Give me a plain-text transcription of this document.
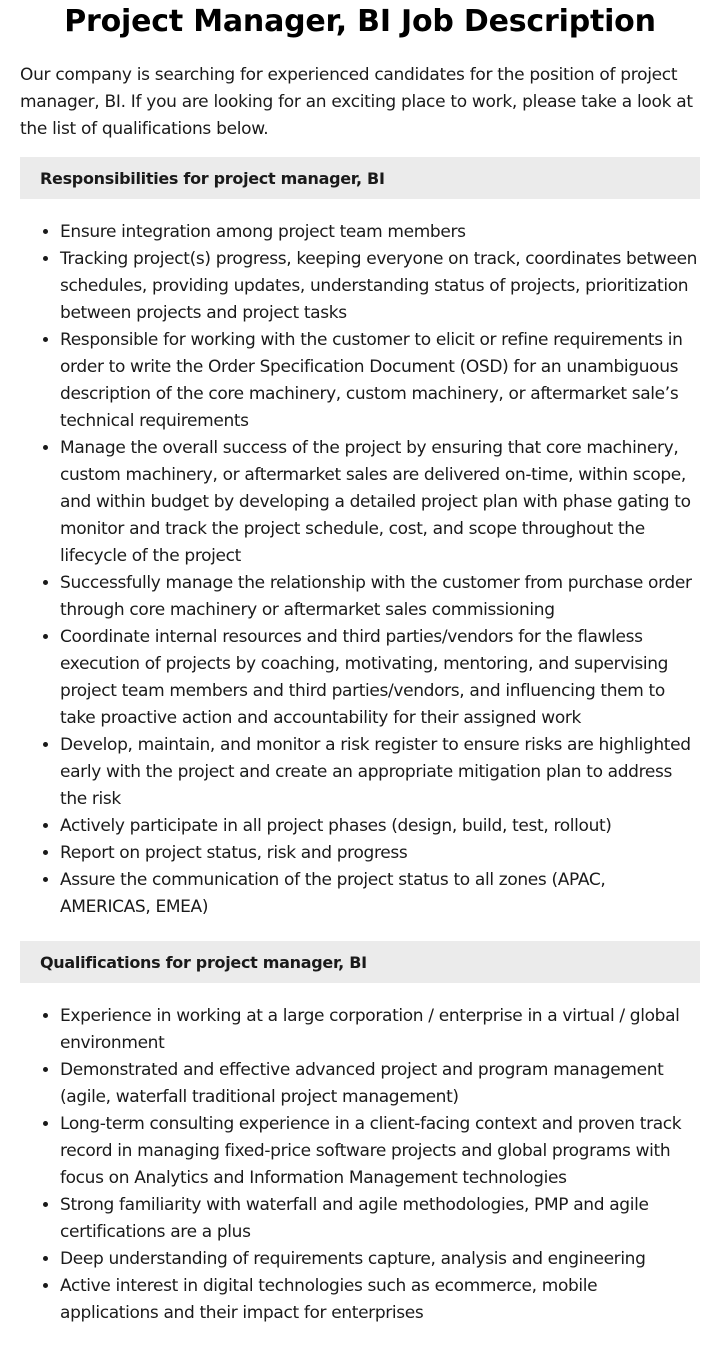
Project Manager, BI Job Description

Our company is searching for experienced candidates for the position of project manager, BI. If you are looking for an exciting place to work, please take a look at the list of qualifications below.

Responsibilities for project manager, BI
• Ensure integration among project team members
• Tracking project(s) progress, keeping everyone on track, coordinates between schedules, providing updates, understanding status of projects, prioritization between projects and project tasks
• Responsible for working with the customer to elicit or refine requirements in order to write the Order Specification Document (OSD) for an unambiguous description of the core machinery, custom machinery, or aftermarket sale’s technical requirements
• Manage the overall success of the project by ensuring that core machinery, custom machinery, or aftermarket sales are delivered on-time, within scope, and within budget by developing a detailed project plan with phase gating to monitor and track the project schedule, cost, and scope throughout the lifecycle of the project
• Successfully manage the relationship with the customer from purchase order through core machinery or aftermarket sales commissioning
• Coordinate internal resources and third parties/vendors for the flawless execution of projects by coaching, motivating, mentoring, and supervising project team members and third parties/vendors, and influencing them to take proactive action and accountability for their assigned work
• Develop, maintain, and monitor a risk register to ensure risks are highlighted early with the project and create an appropriate mitigation plan to address the risk
• Actively participate in all project phases (design, build, test, rollout)
• Report on project status, risk and progress
• Assure the communication of the project status to all zones (APAC, AMERICAS, EMEA)
Qualifications for project manager, BI
• Experience in working at a large corporation / enterprise in a virtual / global environment
• Demonstrated and effective advanced project and program management (agile, waterfall traditional project management)
• Long-term consulting experience in a client-facing context and proven track record in managing fixed-price software projects and global programs with focus on Analytics and Information Management technologies
• Strong familiarity with waterfall and agile methodologies, PMP and agile certifications are a plus
• Deep understanding of requirements capture, analysis and engineering
• Active interest in digital technologies such as ecommerce, mobile applications and their impact for enterprises
